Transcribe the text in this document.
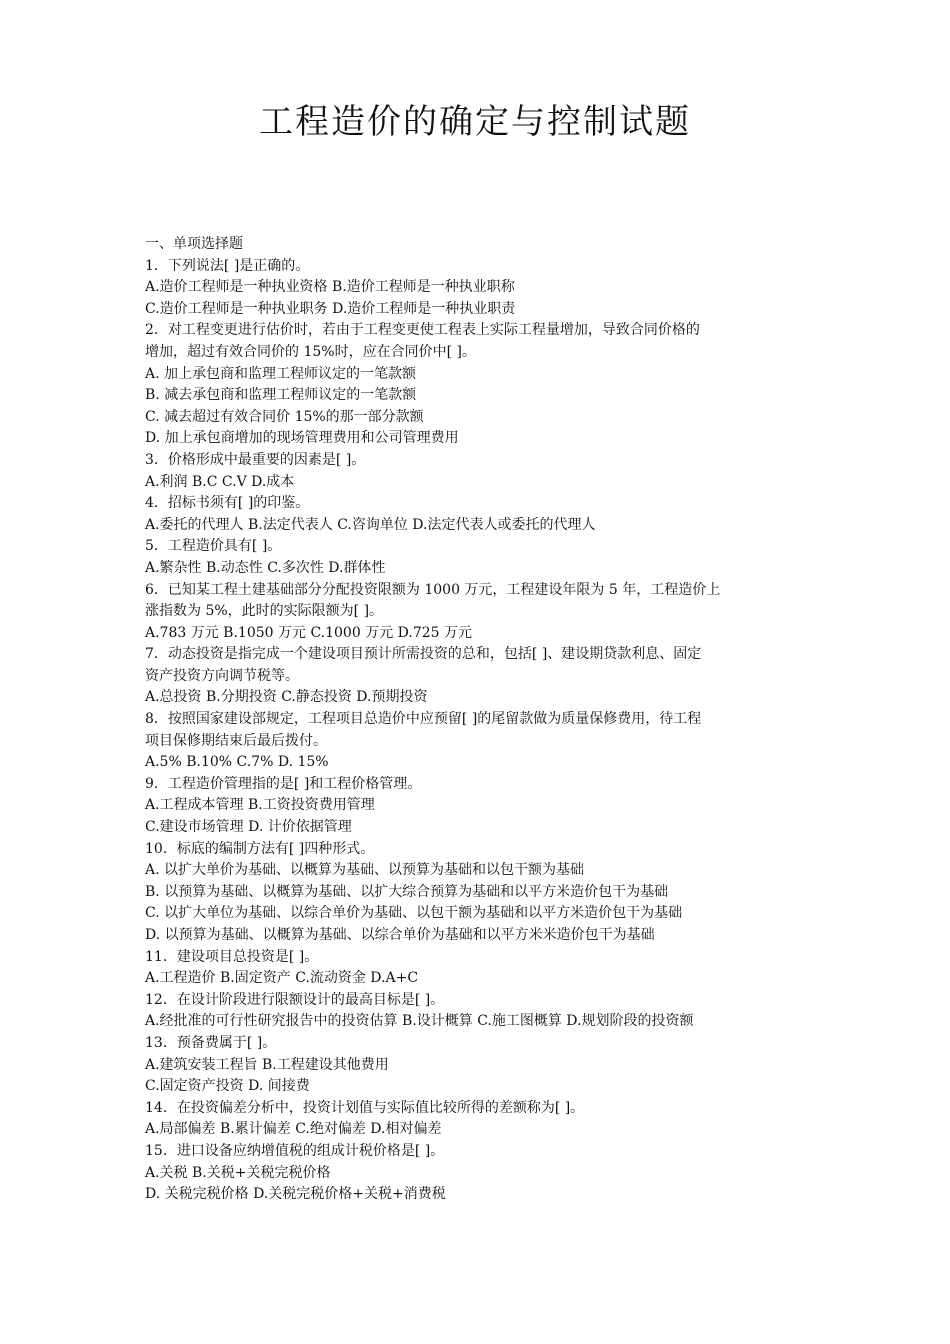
工程造价的确定与控制试题

一、单项选择题

1．下列说法[ ]是正确的。

A.造价工程师是一种执业资格 B.造价工程师是一种执业职称

C.造价工程师是一种执业职务 D.造价工程师是一种执业职责

2．对工程变更进行估价时，若由于工程变更使工程表上实际工程量增加，导致合同价格的

增加，超过有效合同价的 15%时，应在合同价中[ ]。

A. 加上承包商和监理工程师议定的一笔款额

B. 减去承包商和监理工程师议定的一笔款额

C. 减去超过有效合同价 15%的那一部分款额

D. 加上承包商增加的现场管理费用和公司管理费用

3．价格形成中最重要的因素是[ ]。

A.利润 B.C C.V D.成本

4．招标书须有[ ]的印鉴。

A.委托的代理人 B.法定代表人 C.咨询单位 D.法定代表人或委托的代理人

5．工程造价具有[ ]。

A.繁杂性 B.动态性 C.多次性 D.群体性

6．已知某工程土建基础部分分配投资限额为 1000 万元，工程建设年限为 5 年，工程造价上

涨指数为 5%，此时的实际限额为[ ]。

A.783 万元 B.1050 万元 C.1000 万元 D.725 万元

7．动态投资是指完成一个建设项目预计所需投资的总和，包括[ ]、建设期贷款利息、固定

资产投资方向调节税等。

A.总投资 B.分期投资 C.静态投资 D.预期投资

8．按照国家建设部规定，工程项目总造价中应预留[ ]的尾留款做为质量保修费用，待工程

项目保修期结束后最后拨付。

A.5% B.10% C.7% D. 15%

9．工程造价管理指的是[ ]和工程价格管理。

A.工程成本管理 B.工资投资费用管理

C.建设市场管理 D. 计价依据管理

10．标底的编制方法有[ ]四种形式。

A. 以扩大单价为基础、以概算为基础、以预算为基础和以包干额为基础

B. 以预算为基础、以概算为基础、以扩大综合预算为基础和以平方米造价包干为基础

C. 以扩大单位为基础、以综合单价为基础、以包干额为基础和以平方米造价包干为基础

D. 以预算为基础、以概算为基础、以综合单价为基础和以平方米米造价包干为基础

11．建设项目总投资是[ ]。

A.工程造价 B.固定资产 C.流动资金 D.A+C

12．在设计阶段进行限额设计的最高目标是[ ]。

A.经批准的可行性研究报告中的投资估算 B.设计概算 C.施工图概算 D.规划阶段的投资额

13．预备费属于[ ]。

A.建筑安装工程旨 B.工程建设其他费用

C.固定资产投资 D. 间接费

14．在投资偏差分析中，投资计划值与实际值比较所得的差额称为[ ]。

A.局部偏差 B.累计偏差 C.绝对偏差 D.相对偏差

15．进口设备应纳增值税的组成计税价格是[ ]。

A.关税 B.关税+关税完税价格

D. 关税完税价格 D.关税完税价格+关税+消费税
